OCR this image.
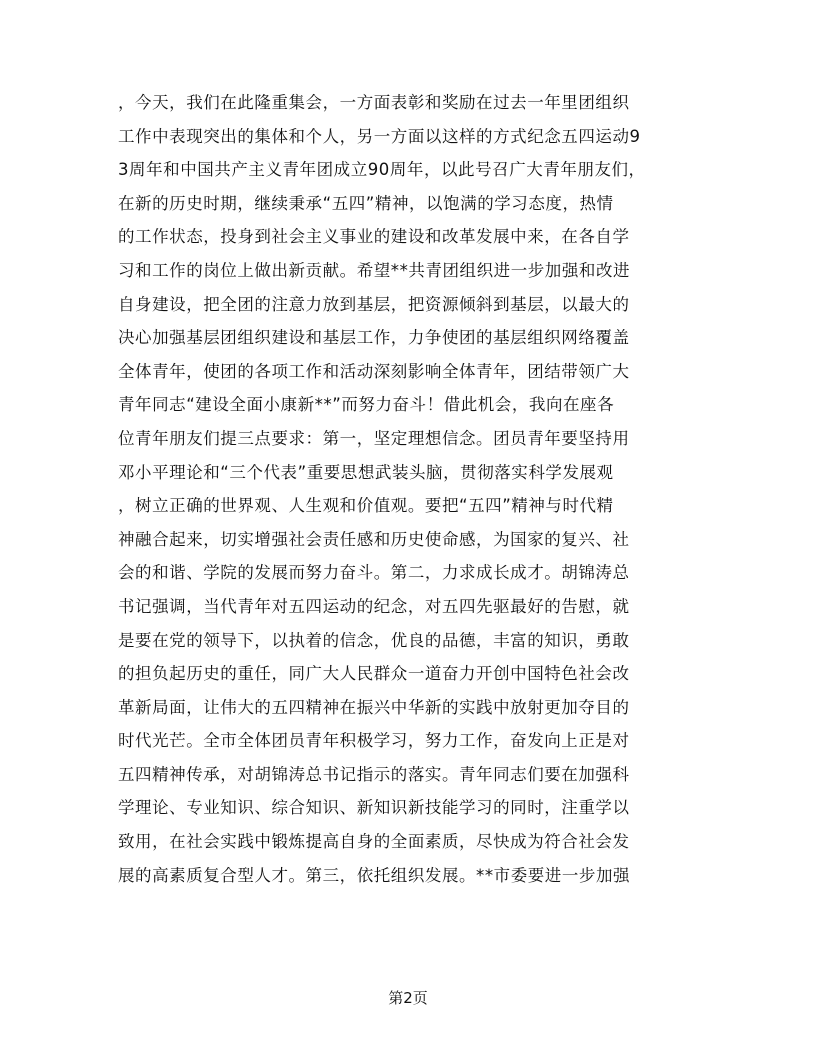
，今天，我们在此隆重集会，一方面表彰和奖励在过去一年里团组织
工作中表现突出的集体和个人，另一方面以这样的方式纪念五四运动9
3周年和中国共产主义青年团成立90周年，以此号召广大青年朋友们，
在新的历史时期，继续秉承“五四”精神，以饱满的学习态度，热情
的工作状态，投身到社会主义事业的建设和改革发展中来，在各自学
习和工作的岗位上做出新贡献。希望**共青团组织进一步加强和改进
自身建设，把全团的注意力放到基层，把资源倾斜到基层，以最大的
决心加强基层团组织建设和基层工作，力争使团的基层组织网络覆盖
全体青年，使团的各项工作和活动深刻影响全体青年，团结带领广大
青年同志“建设全面小康新**”而努力奋斗！借此机会，我向在座各
位青年朋友们提三点要求：第一，坚定理想信念。团员青年要坚持用
邓小平理论和“三个代表”重要思想武装头脑，贯彻落实科学发展观
，树立正确的世界观、人生观和价值观。要把“五四”精神与时代精
神融合起来，切实增强社会责任感和历史使命感，为国家的复兴、社
会的和谐、学院的发展而努力奋斗。第二，力求成长成才。胡锦涛总
书记强调，当代青年对五四运动的纪念，对五四先驱最好的告慰，就
是要在党的领导下，以执着的信念，优良的品德，丰富的知识，勇敢
的担负起历史的重任，同广大人民群众一道奋力开创中国特色社会改
革新局面，让伟大的五四精神在振兴中华新的实践中放射更加夺目的
时代光芒。全市全体团员青年积极学习，努力工作，奋发向上正是对
五四精神传承，对胡锦涛总书记指示的落实。青年同志们要在加强科
学理论、专业知识、综合知识、新知识新技能学习的同时，注重学以
致用，在社会实践中锻炼提高自身的全面素质，尽快成为符合社会发
展的高素质复合型人才。第三，依托组织发展。**市委要进一步加强
第2页
